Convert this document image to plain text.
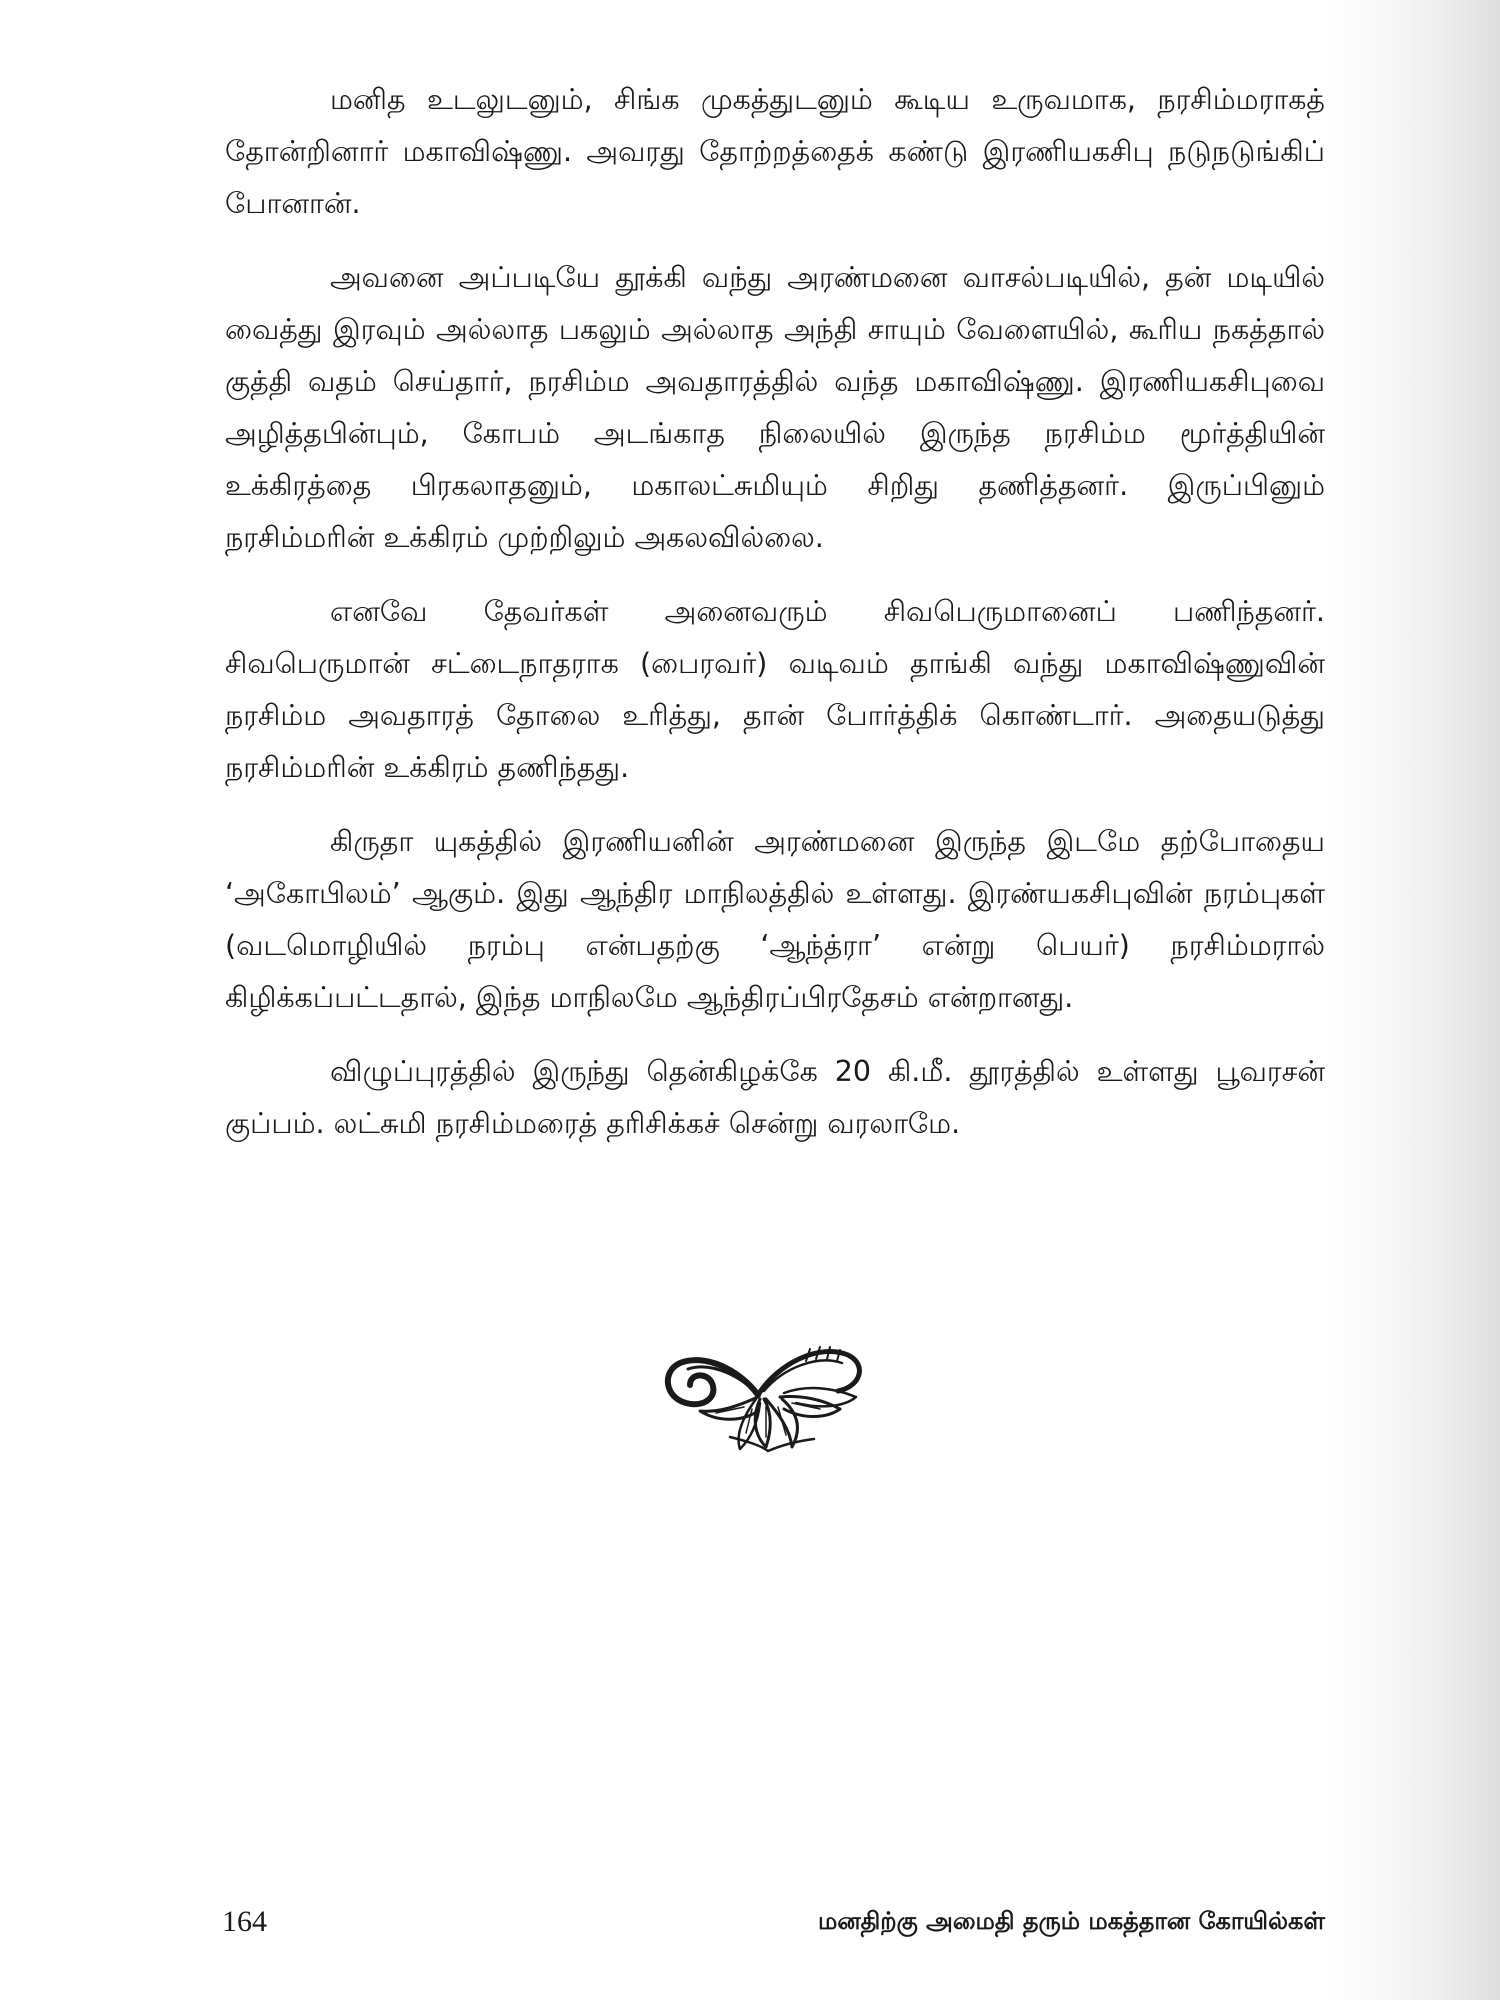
மனித உடலுடனும், சிங்க முகத்துடனும் கூடிய உருவமாக, நரசிம்மராகத் தோன்றினார் மகாவிஷ்ணு. அவரது தோற்றத்தைக் கண்டு இரணியகசிபு நடுநடுங்கிப் போனான்.

அவனை அப்படியே தூக்கி வந்து அரண்மனை வாசல்படியில், தன் மடியில் வைத்து இரவும் அல்லாத பகலும் அல்லாத அந்தி சாயும் வேளையில், கூரிய நகத்தால் குத்தி வதம் செய்தார், நரசிம்ம அவதாரத்தில் வந்த மகாவிஷ்ணு. இரணியகசிபுவை அழித்தபின்பும், கோபம் அடங்காத நிலையில் இருந்த நரசிம்ம மூர்த்தியின் உக்கிரத்தை பிரகலாதனும், மகாலட்சுமியும் சிறிது தணித்தனர். இருப்பினும் நரசிம்மரின் உக்கிரம் முற்றிலும் அகலவில்லை.

எனவே தேவர்கள் அனைவரும் சிவபெருமானைப் பணிந்தனர். சிவபெருமான் சட்டைநாதராக (பைரவர்) வடிவம் தாங்கி வந்து மகாவிஷ்ணுவின் நரசிம்ம அவதாரத் தோலை உரித்து, தான் போர்த்திக் கொண்டார். அதையடுத்து நரசிம்மரின் உக்கிரம் தணிந்தது.

கிருதா யுகத்தில் இரணியனின் அரண்மனை இருந்த இடமே தற்போதைய ‘அகோபிலம்’ ஆகும். இது ஆந்திர மாநிலத்தில் உள்ளது. இரண்யகசிபுவின் நரம்புகள் (வடமொழியில் நரம்பு என்பதற்கு ‘ஆந்த்ரா’ என்று பெயர்) நரசிம்மரால் கிழிக்கப்பட்டதால், இந்த மாநிலமே ஆந்திரப்பிரதேசம் என்றானது.

விழுப்புரத்தில் இருந்து தென்கிழக்கே 20 கி.மீ. தூரத்தில் உள்ளது பூவரசன் குப்பம். லட்சுமி நரசிம்மரைத் தரிசிக்கச் சென்று வரலாமே.

164	மனதிற்கு அமைதி தரும் மகத்தான கோயில்கள்
